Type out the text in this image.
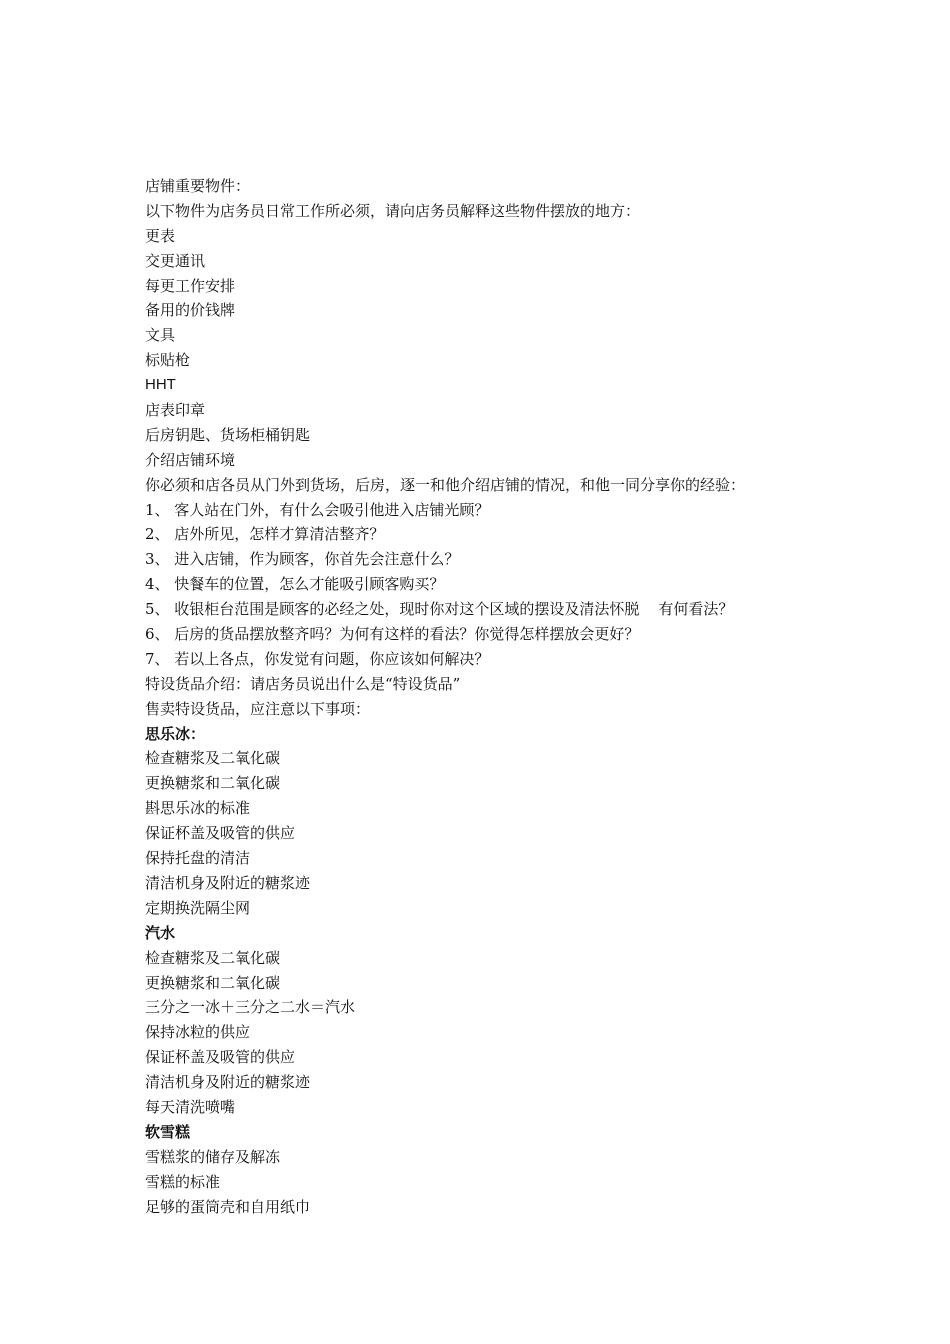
店铺重要物件：
以下物件为店务员日常工作所必须，请向店务员解释这些物件摆放的地方：
更表
交更通讯
每更工作安排
备用的价钱牌
文具
标贴枪
HHT
店表印章
后房钥匙、货场柜桶钥匙
介绍店铺环境
你必须和店各员从门外到货场，后房，逐一和他介绍店铺的情况，和他一同分享你的经验：
1、 客人站在门外，有什么会吸引他进入店铺光顾？
2、 店外所见，怎样才算清洁整齐？
3、 进入店铺，作为顾客，你首先会注意什么？
4、 快餐车的位置，怎么才能吸引顾客购买？
5、 收银柜台范围是顾客的必经之处，现时你对这个区域的摆设及清法怀脱    有何看法？
6、 后房的货品摆放整齐吗？为何有这样的看法？你觉得怎样摆放会更好？
7、 若以上各点，你发觉有问题，你应该如何解决？
特设货品介绍：请店务员说出什么是“特设货品”
售卖特设货品，应注意以下事项：
思乐冰：
检查糖浆及二氧化碳
更换糖浆和二氧化碳
斟思乐冰的标准
保证杯盖及吸管的供应
保持托盘的清洁
清洁机身及附近的糖浆迹
定期换洗隔尘网
汽水
检查糖浆及二氧化碳
更换糖浆和二氧化碳
三分之一冰＋三分之二水＝汽水
保持冰粒的供应
保证杯盖及吸管的供应
清洁机身及附近的糖浆迹
每天清洗喷嘴
软雪糕
雪糕浆的储存及解冻
雪糕的标准
足够的蛋筒壳和自用纸巾
